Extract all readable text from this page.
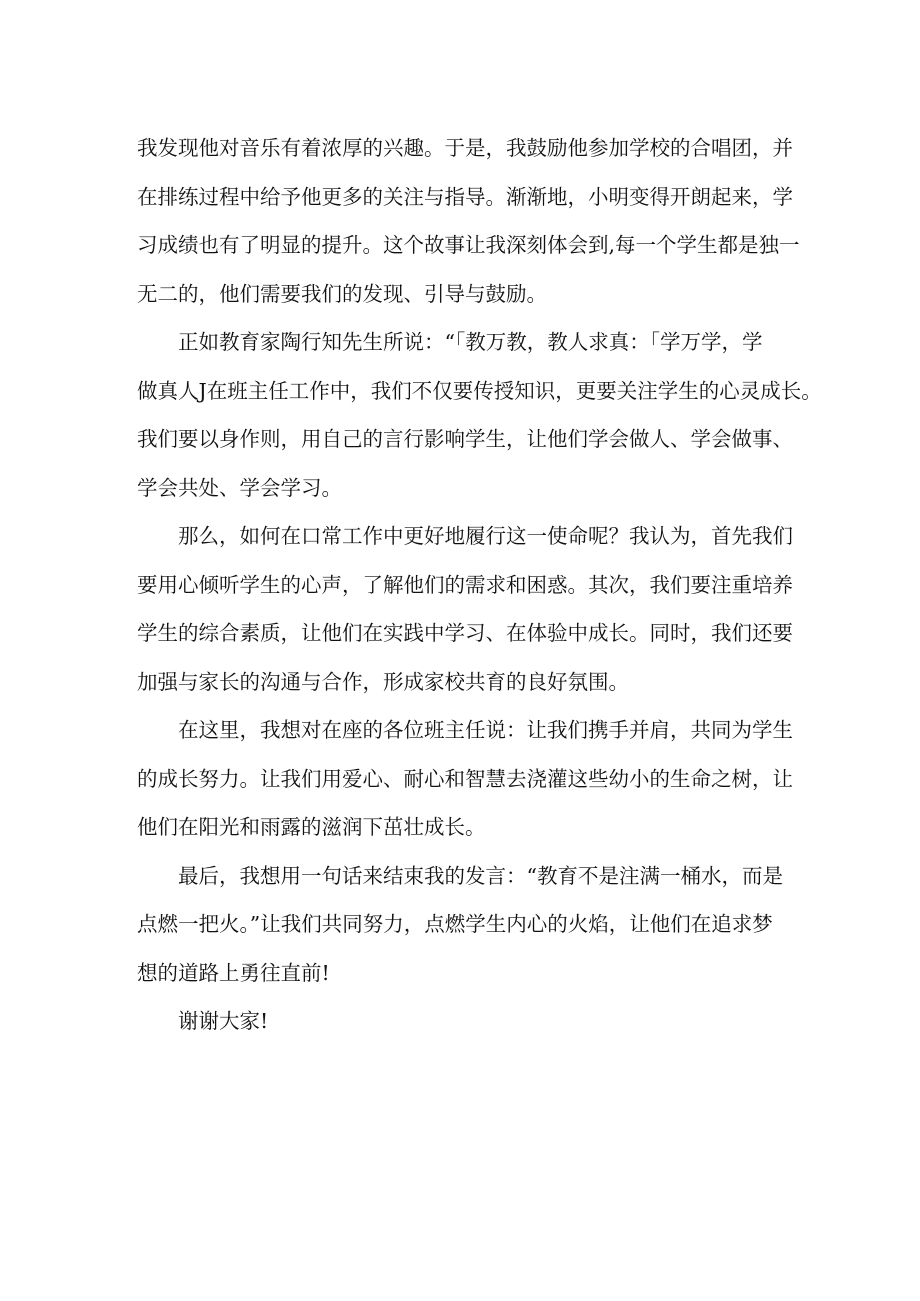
我发现他对音乐有着浓厚的兴趣。于是，我鼓励他参加学校的合唱团，并
在排练过程中给予他更多的关注与指导。渐渐地，小明变得开朗起来，学
习成绩也有了明显的提升。这个故事让我深刻体会到,每一个学生都是独一
无二的，他们需要我们的发现、引导与鼓励。
正如教育家陶行知先生所说：“「教万教，教人求真：「学万学，学
做真人J在班主任工作中，我们不仅要传授知识，更要关注学生的心灵成长。
我们要以身作则，用自己的言行影响学生，让他们学会做人、学会做事、
学会共处、学会学习。
那么，如何在口常工作中更好地履行这一使命呢？我认为，首先我们
要用心倾听学生的心声，了解他们的需求和困惑。其次，我们要注重培养
学生的综合素质，让他们在实践中学习、在体验中成长。同时，我们还要
加强与家长的沟通与合作，形成家校共育的良好氛围。
在这里，我想对在座的各位班主任说：让我们携手并肩，共同为学生
的成长努力。让我们用爱心、耐心和智慧去浇灌这些幼小的生命之树，让
他们在阳光和雨露的滋润下茁壮成长。
最后，我想用一句话来结束我的发言：“教育不是注满一桶水，而是
点燃一把火。”让我们共同努力，点燃学生内心的火焰，让他们在追求梦
想的道路上勇往直前!
谢谢大家!
